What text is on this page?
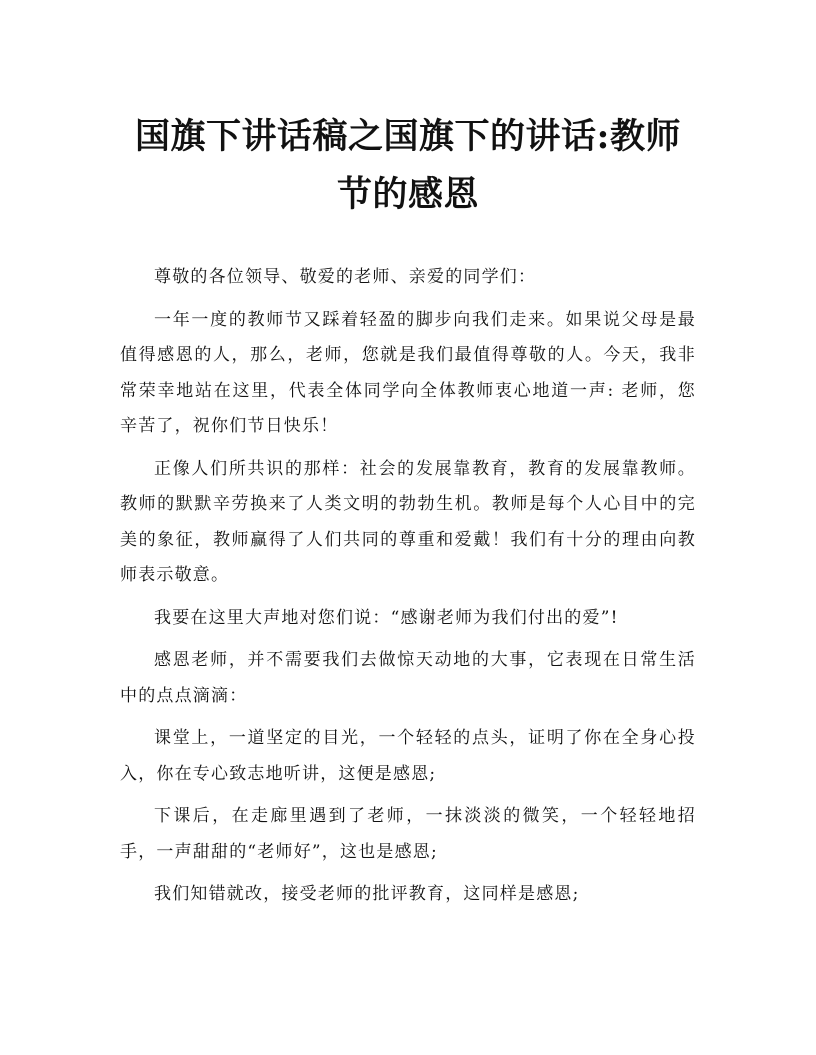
国旗下讲话稿之国旗下的讲话:教师节的感恩

尊敬的各位领导、敬爱的老师、亲爱的同学们：

一年一度的教师节又踩着轻盈的脚步向我们走来。如果说父母是最值得感恩的人，那么，老师，您就是我们最值得尊敬的人。今天，我非常荣幸地站在这里，代表全体同学向全体教师衷心地道一声: 老师，您辛苦了，祝你们节日快乐！

正像人们所共识的那样：社会的发展靠教育，教育的发展靠教师。教师的默默辛劳换来了人类文明的勃勃生机。教师是每个人心目中的完美的象征，教师赢得了人们共同的尊重和爱戴！我们有十分的理由向教师表示敬意。

我要在这里大声地对您们说：“感谢老师为我们付出的爱”!

感恩老师，并不需要我们去做惊天动地的大事，它表现在日常生活中的点点滴滴：

课堂上，一道坚定的目光，一个轻轻的点头，证明了你在全身心投入，你在专心致志地听讲，这便是感恩;

下课后，在走廊里遇到了老师，一抹淡淡的微笑，一个轻轻地招手，一声甜甜的“老师好”，这也是感恩;

我们知错就改，接受老师的批评教育，这同样是感恩;
